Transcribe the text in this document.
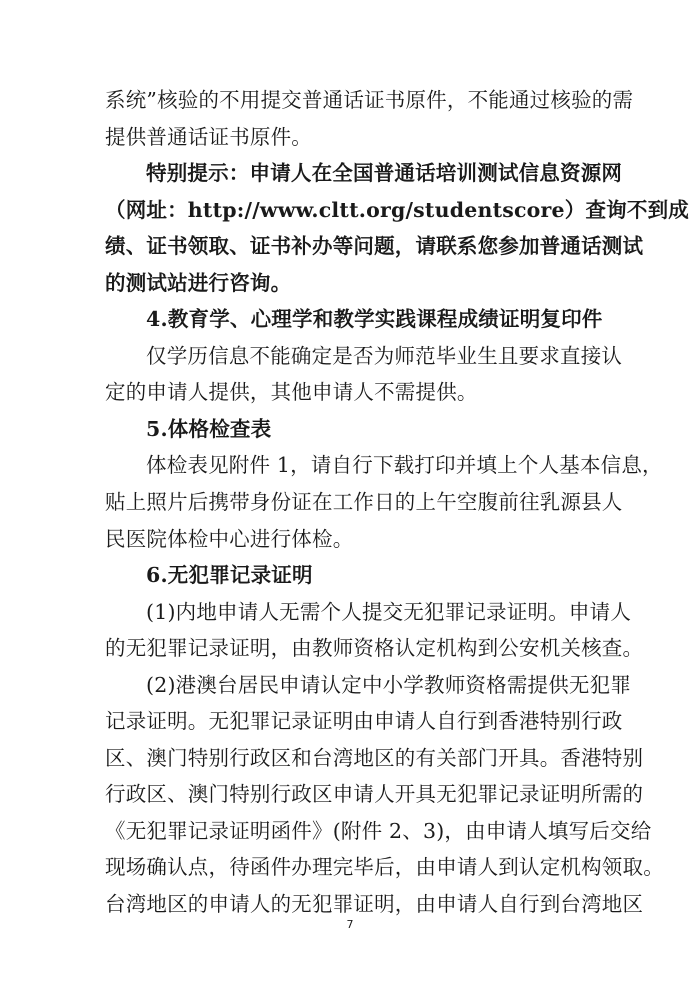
系统”核验的不用提交普通话证书原件，不能通过核验的需
提供普通话证书原件。
特别提示：申请人在全国普通话培训测试信息资源网
（网址：http://www.cltt.org/studentscore）查询不到成
绩、证书领取、证书补办等问题，请联系您参加普通话测试
的测试站进行咨询。
4.教育学、心理学和教学实践课程成绩证明复印件
仅学历信息不能确定是否为师范毕业生且要求直接认
定的申请人提供，其他申请人不需提供。
5.体格检查表
体检表见附件 1，请自行下载打印并填上个人基本信息，
贴上照片后携带身份证在工作日的上午空腹前往乳源县人
民医院体检中心进行体检。
6.无犯罪记录证明
(1)内地申请人无需个人提交无犯罪记录证明。申请人
的无犯罪记录证明，由教师资格认定机构到公安机关核查。
(2)港澳台居民申请认定中小学教师资格需提供无犯罪
记录证明。无犯罪记录证明由申请人自行到香港特别行政
区、澳门特别行政区和台湾地区的有关部门开具。香港特别
行政区、澳门特别行政区申请人开具无犯罪记录证明所需的
《无犯罪记录证明函件》(附件 2、3)，由申请人填写后交给
现场确认点，待函件办理完毕后，由申请人到认定机构领取。
台湾地区的申请人的无犯罪证明，由申请人自行到台湾地区
7
